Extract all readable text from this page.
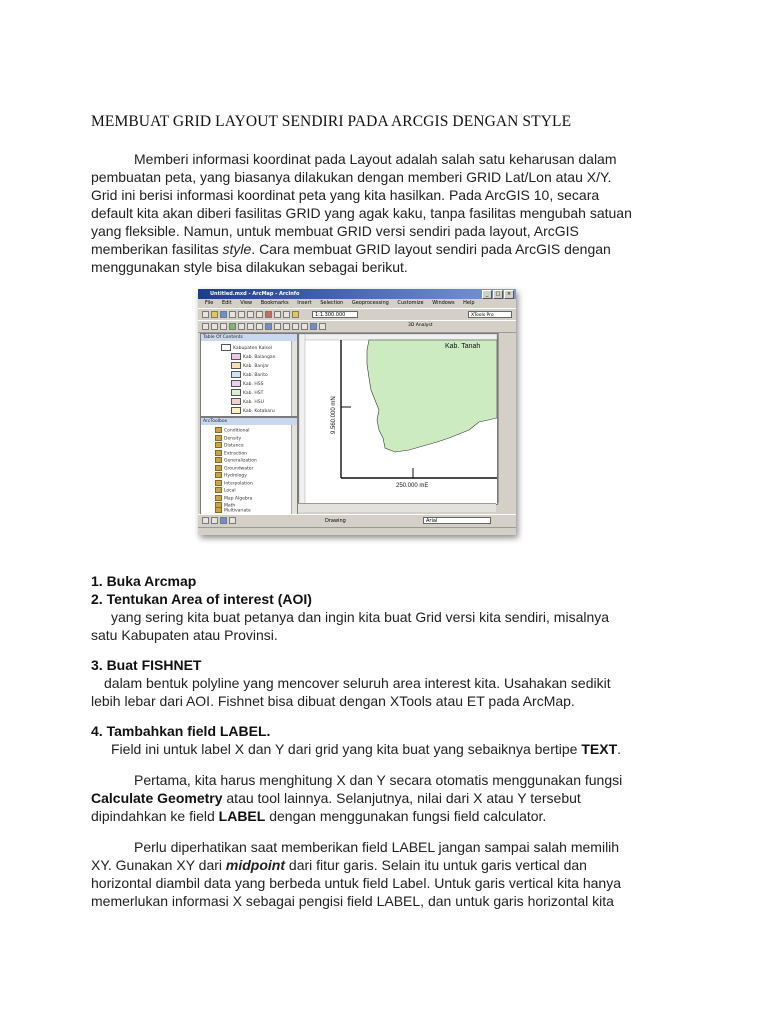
MEMBUAT GRID LAYOUT SENDIRI PADA ARCGIS DENGAN STYLE

Memberi informasi koordinat pada Layout adalah salah satu keharusan dalam

pembuatan peta, yang biasanya dilakukan dengan memberi GRID Lat/Lon atau X/Y.

Grid ini berisi informasi koordinat peta yang kita hasilkan. Pada ArcGIS 10, secara

default kita akan diberi fasilitas GRID yang agak kaku, tanpa fasilitas mengubah satuan

yang fleksible. Namun, untuk membuat GRID versi sendiri pada layout, ArcGIS

memberikan fasilitas style. Cara membuat GRID layout sendiri pada ArcGIS dengan

menggunakan style bisa dilakukan sebagai berikut.

Untitled.mxd - ArcMap - ArcInfo	_	□	×
File Edit View Bookmarks Insert Selection Geoprocessing Customize Windows Help
1:1.300.000	XTools Pro
3D Analyst
Table Of Contents
Kabupaten Kalsel
Kab. Balangan
Kab. Banjar
Kab. Barito
Kab. HSS
Kab. HST
Kab. HSU
Kab. Kotabaru
ArcToolbox
Conditional
Density
Distance
Extraction
Generalization
Groundwater
Hydrology
Interpolation
Local
Map Algebra
Math
Multivariate
9.560.000 mN
250.000 mE
Kab. Tanah
Drawing	Arial

1. Buka Arcmap

2. Tentukan Area of interest (AOI)

yang sering kita buat petanya dan ingin kita buat Grid versi kita sendiri, misalnya

satu Kabupaten atau Provinsi.

3. Buat FISHNET

dalam bentuk polyline yang mencover seluruh area interest kita. Usahakan sedikit

lebih lebar dari AOI. Fishnet bisa dibuat dengan XTools atau ET pada ArcMap.

4. Tambahkan field LABEL.

Field ini untuk label X dan Y dari grid yang kita buat yang sebaiknya bertipe TEXT.

Pertama, kita harus menghitung X dan Y secara otomatis menggunakan fungsi

Calculate Geometry atau tool lainnya. Selanjutnya, nilai dari X atau Y tersebut

dipindahkan ke field LABEL dengan menggunakan fungsi field calculator.

Perlu diperhatikan saat memberikan field LABEL jangan sampai salah memilih

XY. Gunakan XY dari midpoint dari fitur garis. Selain itu untuk garis vertical dan

horizontal diambil data yang berbeda untuk field Label. Untuk garis vertical kita hanya

memerlukan informasi X sebagai pengisi field LABEL, dan untuk garis horizontal kita
